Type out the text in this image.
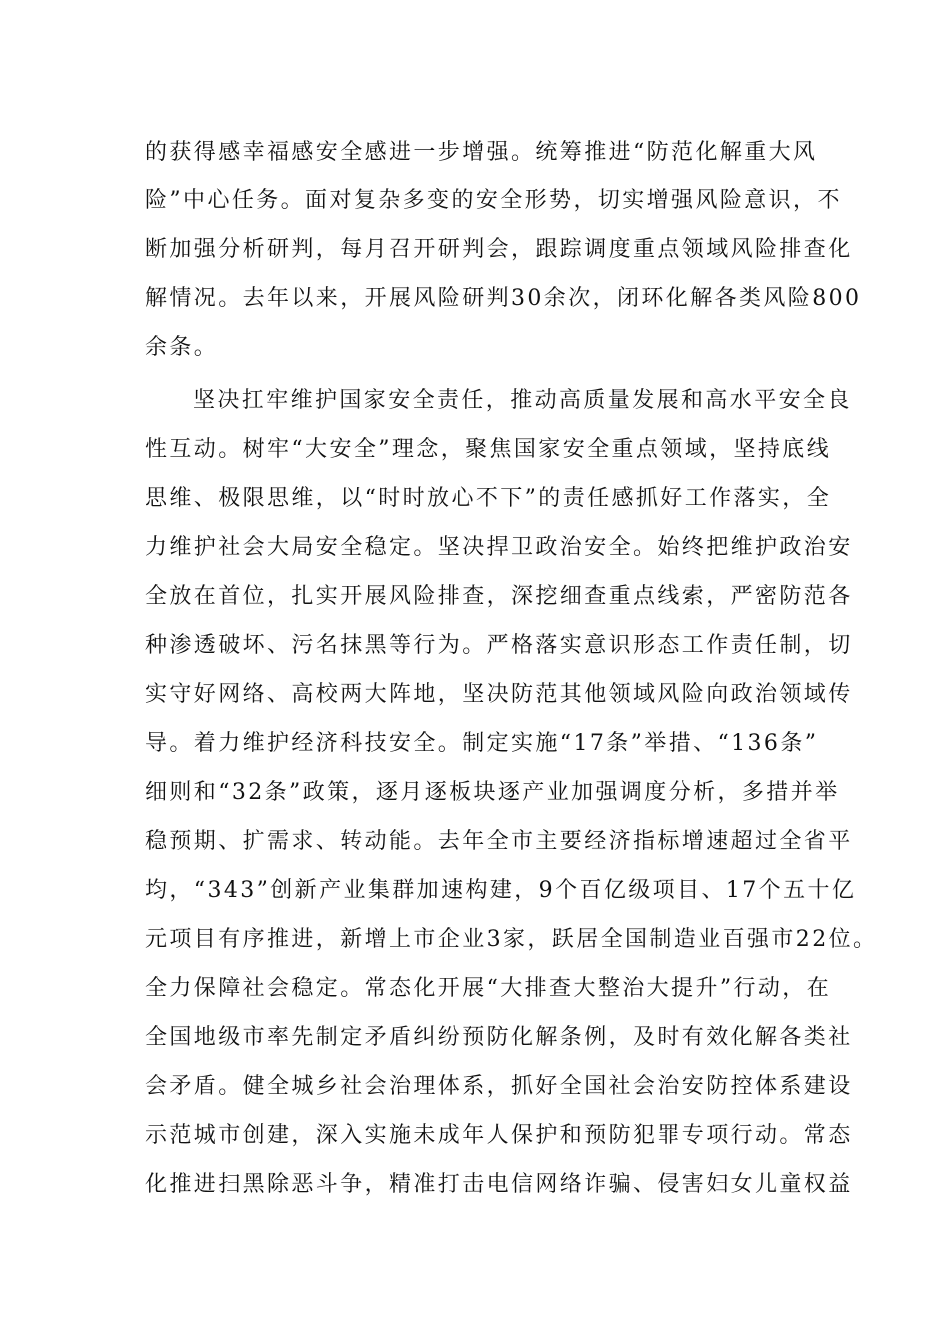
的获得感幸福感安全感进一步增强。统筹推进“防范化解重大风
险”中心任务。面对复杂多变的安全形势，切实增强风险意识，不
断加强分析研判，每月召开研判会，跟踪调度重点领域风险排查化
解情况。去年以来，开展风险研判30余次，闭环化解各类风险800
余条。
坚决扛牢维护国家安全责任，推动高质量发展和高水平安全良
性互动。树牢“大安全”理念，聚焦国家安全重点领域，坚持底线
思维、极限思维，以“时时放心不下”的责任感抓好工作落实，全
力维护社会大局安全稳定。坚决捍卫政治安全。始终把维护政治安
全放在首位，扎实开展风险排查，深挖细查重点线索，严密防范各
种渗透破坏、污名抹黑等行为。严格落实意识形态工作责任制，切
实守好网络、高校两大阵地，坚决防范其他领域风险向政治领域传
导。着力维护经济科技安全。制定实施“17条”举措、“136条”
细则和“32条”政策，逐月逐板块逐产业加强调度分析，多措并举
稳预期、扩需求、转动能。去年全市主要经济指标增速超过全省平
均，“343”创新产业集群加速构建，9个百亿级项目、17个五十亿
元项目有序推进，新增上市企业3家，跃居全国制造业百强市22位。
全力保障社会稳定。常态化开展“大排查大整治大提升”行动，在
全国地级市率先制定矛盾纠纷预防化解条例，及时有效化解各类社
会矛盾。健全城乡社会治理体系，抓好全国社会治安防控体系建设
示范城市创建，深入实施未成年人保护和预防犯罪专项行动。常态
化推进扫黑除恶斗争，精准打击电信网络诈骗、侵害妇女儿童权益
